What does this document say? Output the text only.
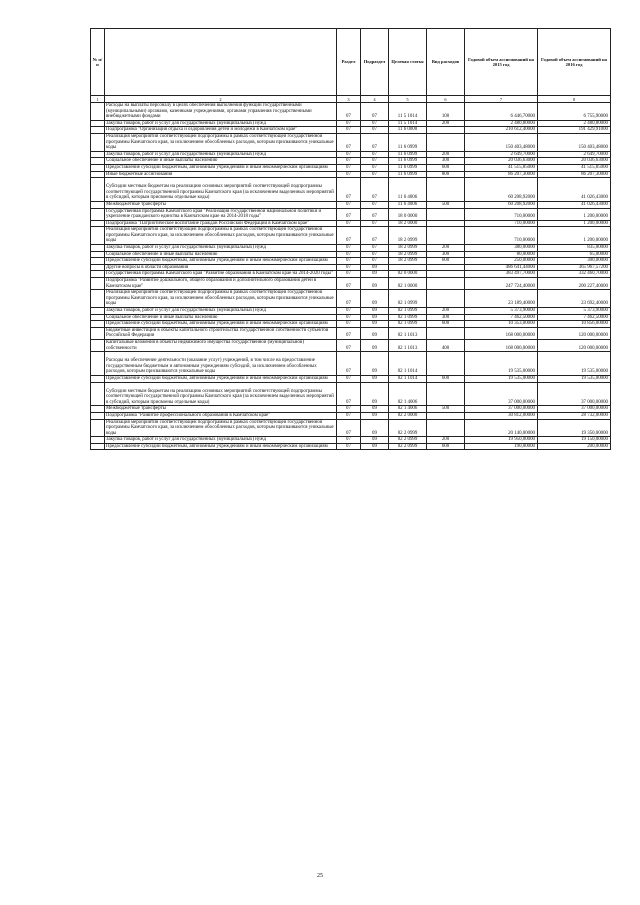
№ п/п		Раздел	Подраздел	Целевая статья	Вид расходов	Годовой объем ассигнований на 2015 год	Годовой объем ассигнований на 2016 год
1	2	3	4	5	6	7	8
	Расходы на выплаты персоналу в целях обеспечения выполнения функций государственными (муниципальными) органами, казенными учреждениями, органами управления государственными внебюджетными фондами	07	07	11 5 1014	100	6 446,70000	6 755,90000
	Закупка товаров, работ и услуг для государственных (муниципальных) нужд	07	07	11 5 1014	200	2 480,80000	2 480,80000
	Подпрограмма "Организация отдыха и оздоровления детей и молодежи в Камчатском крае"	07	07	11 6 0000		210 612,40000	191 429,91000
	Реализация мероприятий соответствующей подпрограммы в рамках соответствующей государственной программы Камчатского края, за исключением обособленных расходов, которым присваиваются уникальные коды	07	07	11 6 0999		150 403,48000	150 403,48000
	Закупка товаров, работ и услуг для государственных (муниципальных) нужд	07	07	11 6 0999	200	2 649,70000	2 649,70000
	Социальное обеспечение и иные выплаты населению	07	07	11 6 0999	300	20 036,63000	20 036,63000
	Предоставление субсидий бюджетным, автономным учреждениям и иным некоммерческим организациям	07	07	11 6 0999	600	41 515,85000	41 515,85000
	Иные бюджетные ассигнования	07	07	11 6 0999	800	86 207,30000	86 207,30000
	Субсидии местным бюджетам на реализацию основных мероприятий соответствующей подпрограммы соответствующей государственной программы Камчатского края (за исключением выделенных мероприятий в субсидий, которым присвоены отдельные коды)	07	07	11 6 4006		60 208,92000	41 026,43000
	Межбюджетные трансферты	07	07	11 6 4006	500	60 208,92000	41 026,43000
	Государственная программа Камчатского края "Реализация государственной национальной политики и укрепление гражданского единства в Камчатском крае на 2014-2018 годы"	07	07	18 0 0000		710,00000	1 200,00000
	Подпрограмма "Патриотическое воспитание граждан Российской Федерации в Камчатском крае"	07	07	18 2 0000		710,00000	1 200,00000
	Реализация мероприятий соответствующей подпрограммы в рамках соответствующей государственной программы Камчатского края, за исключением обособленных расходов, которым присваиваются уникальные коды	07	07	18 2 0999		710,00000	1 200,00000
	Закупка товаров, работ и услуг для государственных (муниципальных) нужд	07	07	18 2 0999	200	380,00000	835,00000
	Социальное обеспечение и иные выплаты населению	07	07	18 2 0999	300	80,00000	65,00000
	Предоставление субсидий бюджетным, автономным учреждениям и иным некоммерческим организациям	07	07	18 2 0999	600	250,00000	300,00000
	Другие вопросы в области образования	07	09			486 641,44000	365 967,57200
	Государственная программа Камчатского края "Развитие образования в Камчатском крае на 2014-2020 годы"	07	09	02 0 0000		383 497,70000	332 460,70000
	Подпрограмма "Развитие дошкольного, общего образования и дополнительного образования детей в Камчатском крае"	07	09	02 1 0000		247 724,40000	200 227,40000
	Реализация мероприятий соответствующей подпрограммы в рамках соответствующей государственной программы Камчатского края, за исключением обособленных расходов, которым присваиваются уникальные коды	07	09	02 1 0999		23 189,40000	23 692,40000
	Закупка товаров, работ и услуг для государственных (муниципальных) нужд	07	09	02 1 0999	200	5 373,90000	5 373,90000
	Социальное обеспечение и иные выплаты населению	07	09	02 1 0999	300	7 462,50000	7 462,50000
	Предоставление субсидий бюджетным, автономным учреждениям и иным некоммерческим организациям	07	09	02 1 0999	600	10 353,00000	10 856,00000
	Бюджетные инвестиции в объекты капитального строительства государственной собственности субъектов Российской Федерации	07	09	02 1 1013		168 000,00000	120 000,00000
	Капитальные вложения в объекты недвижимого имущества государственной (муниципальной) собственности	07	09	02 1 1013	400	168 000,00000	120 000,00000
	Расходы на обеспечение деятельности (оказание услуг) учреждений, в том числе на предоставление государственным бюджетным и автономным учреждениям субсидий, за исключением обособленных расходов, которым присваиваются уникальные коды	07	09	02 1 1014		19 535,00000	19 535,00000
	Предоставление субсидий бюджетным, автономным учреждениям и иным некоммерческим организациям	07	09	02 1 1014	600	19 535,00000	19 535,00000
	Субсидии местным бюджетам на реализацию основных мероприятий соответствующей подпрограммы соответствующей государственной программы Камчатского края (за исключением выделенных мероприятий в субсидий, которым присвоены отдельные коды)	07	09	02 1 4006		37 000,00000	37 000,00000
	Межбюджетные трансферты	07	09	02 1 4006	500	37 000,00000	37 000,00000
	Подпрограмма "Развитие профессионального образования в Камчатском крае"	07	09	02 2 0000		30 812,00000	28 732,00000
	Реализация мероприятий соответствующей подпрограммы в рамках соответствующей государственной программы Камчатского края, за исключением обособленных расходов, которым присваиваются уникальные коды	07	09	02 2 0999		20 140,00000	19 350,00000
	Закупка товаров, работ и услуг для государственных (муниципальных) нужд	07	09	02 2 0999	200	19 950,00000	19 150,00000
	Предоставление субсидий бюджетным, автономным учреждениям и иным некоммерческим организациям	07	09	02 2 0999	600	190,00000	200,00000
25
